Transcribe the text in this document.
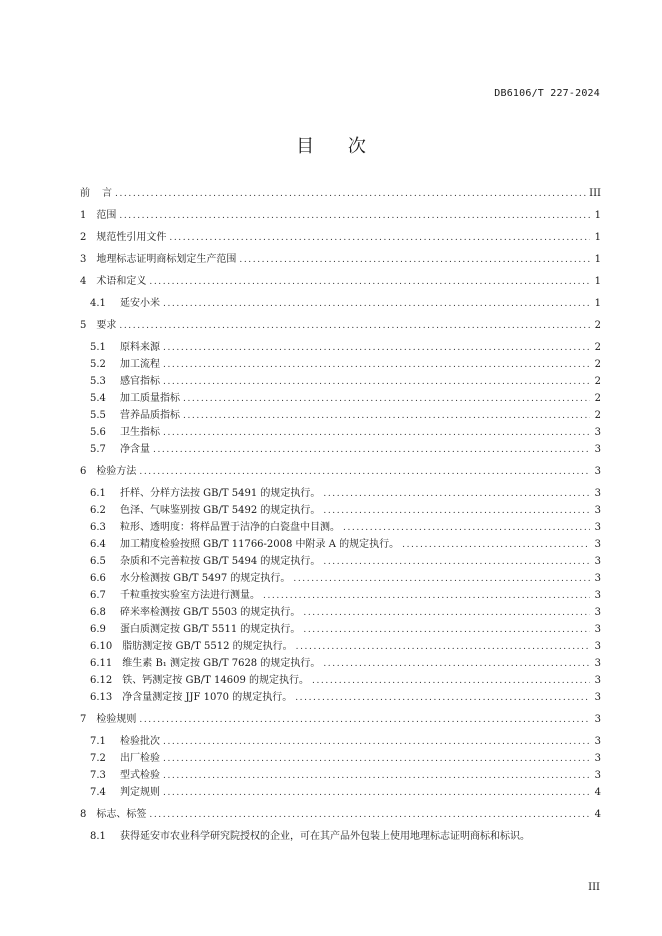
DB6106/T 227-2024
目 次
前	言 .....	III
1	范围 .....	1
2	规范性引用文件 .....	1
3	地理标志证明商标划定生产范围 .....	1
4	术语和定义 .....	1
4.1	延安小米 .....	1
5	要求 .....	2
5.1	原料来源 .....	2
5.2	加工流程 .....	2
5.3	感官指标 .....	2
5.4	加工质量指标 .....	2
5.5	营养品质指标 .....	2
5.6	卫生指标 .....	3
5.7	净含量 .....	3
6	检验方法 .....	3
6.1	扦样、分样方法按 GB/T 5491 的规定执行。 .....	3
6.2	色泽、气味鉴别按 GB/T 5492 的规定执行。 .....	3
6.3	粒形、透明度：将样品置于洁净的白瓷盘中目测。 .....	3
6.4	加工精度检验按照 GB/T 11766-2008 中附录 A 的规定执行。 .....	3
6.5	杂质和不完善粒按 GB/T 5494 的规定执行。 .....	3
6.6	水分检测按 GB/T 5497 的规定执行。 .....	3
6.7	千粒重按实验室方法进行测量。 .....	3
6.8	碎米率检测按 GB/T 5503 的规定执行。 .....	3
6.9	蛋白质测定按 GB/T 5511 的规定执行。 .....	3
6.10	脂肪测定按 GB/T 5512 的规定执行。 .....	3
6.11	维生素 B₁ 测定按 GB/T 7628 的规定执行。 .....	3
6.12	铁、钙测定按 GB/T 14609 的规定执行。 .....	3
6.13	净含量测定按 JJF 1070 的规定执行。 .....	3
7	检验规则 .....	3
7.1	检验批次 .....	3
7.2	出厂检验 .....	3
7.3	型式检验 .....	3
7.4	判定规则 .....	4
8	标志、标签 .....	4
8.1	获得延安市农业科学研究院授权的企业，可在其产品外包装上使用地理标志证明商标和标识。
III
